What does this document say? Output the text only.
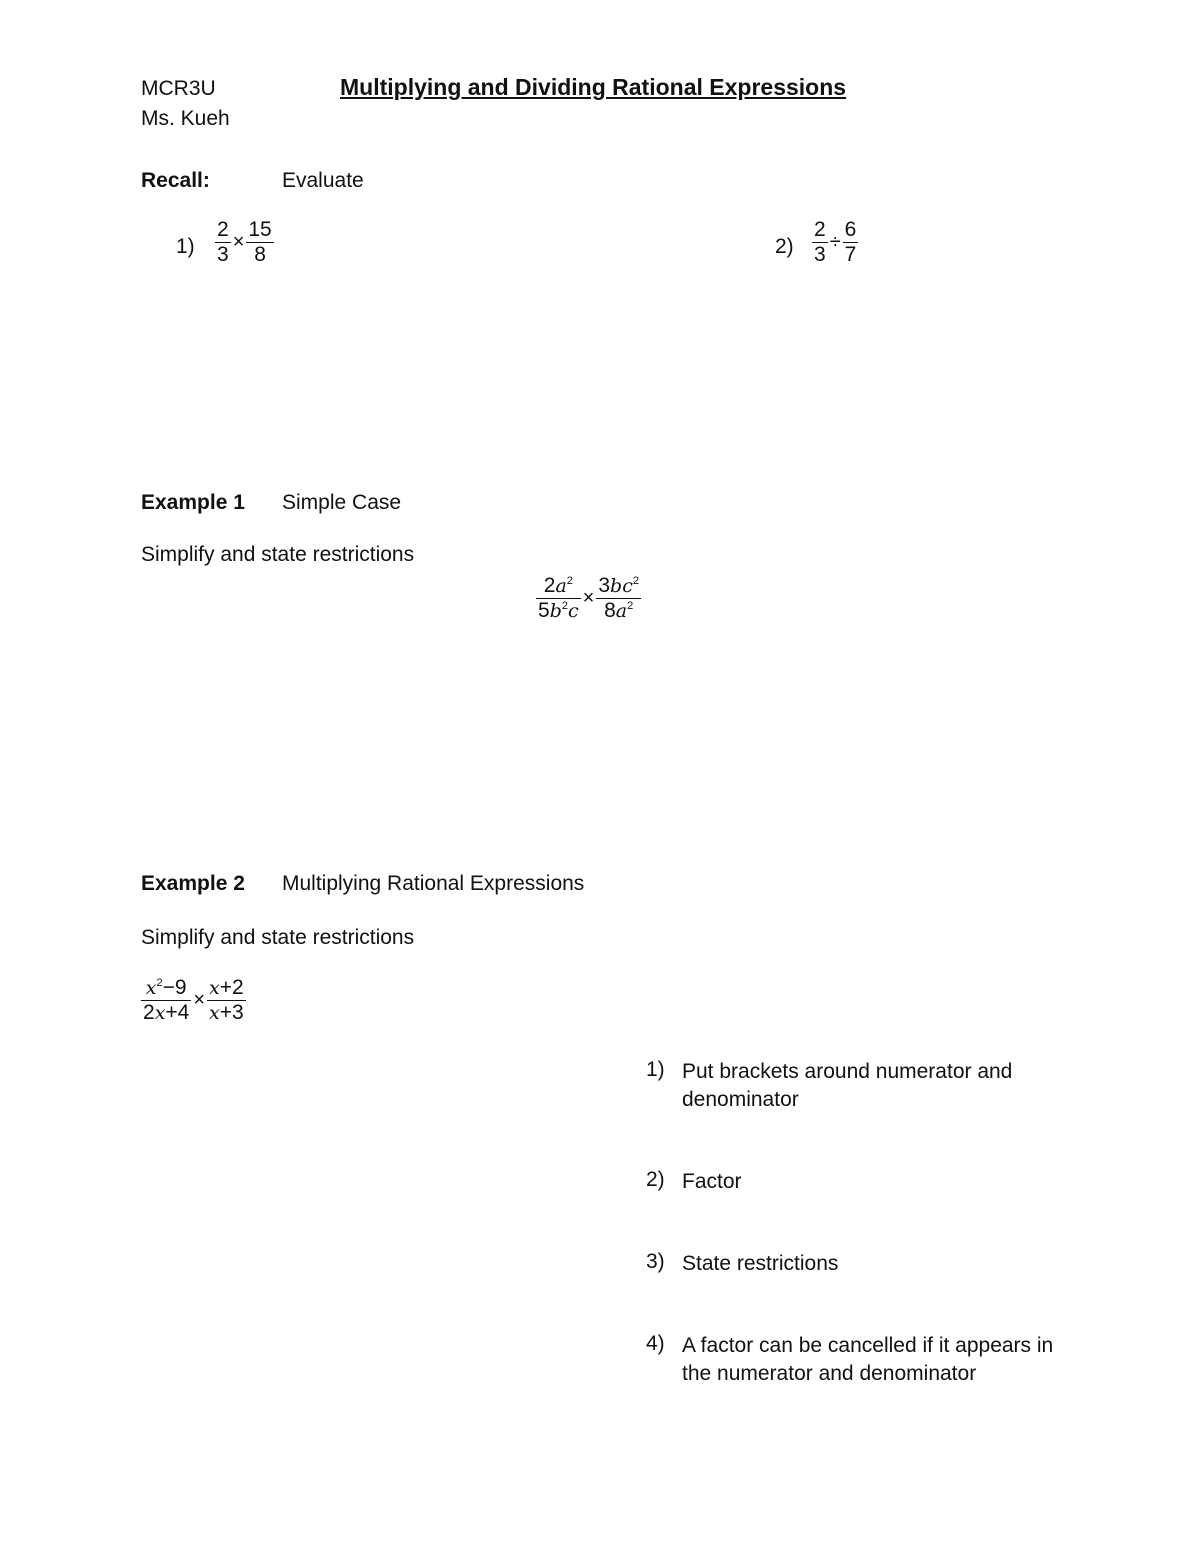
MCR3U	Multiplying and Dividing Rational Expressions
Ms. Kueh
Recall:	Evaluate
$1) \frac{2}{3} \times \frac{15}{8}$	$2) \frac{2}{3} \div \frac{6}{7}$
Example 1 Simple Case
Simplify and state restrictions
$\frac{2a^2}{5b^2c} \times \frac{3bc^2}{8a^2}$
Example 2 Multiplying Rational Expressions
Simplify and state restrictions
$\frac{x^2-9}{2x+4} \times \frac{x+2}{x+3}$
1) Put brackets around numerator and denominator
2) Factor
3) State restrictions
4) A factor can be cancelled if it appears in the numerator and denominator
